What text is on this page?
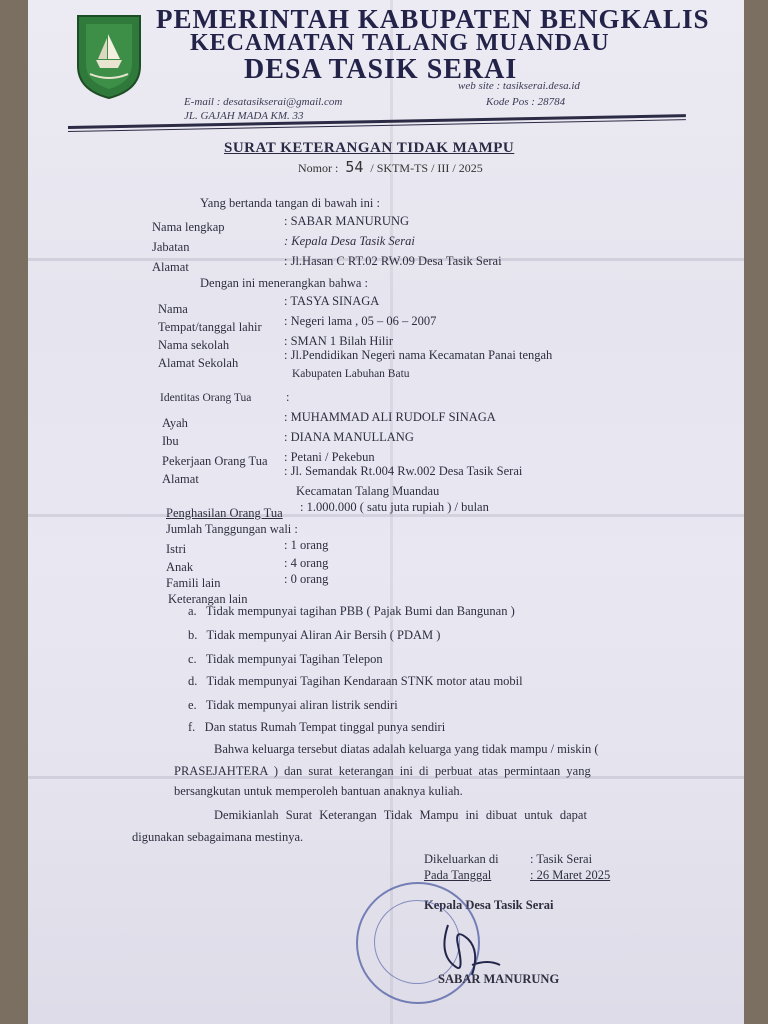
PEMERINTAH KABUPATEN BENGKALIS
KECAMATAN TALANG MUANDAU
DESA TASIK SERAI
E-mail : desatasikserai@gmail.com
web site : tasikserai.desa.id
JL. GAJAH MADA KM. 33
Kode Pos : 28784
SURAT KETERANGAN TIDAK MAMPU
Nomor : 54 / SKTM-TS / III / 2025
Yang bertanda tangan di bawah ini :
Nama lengkap	: SABAR MANURUNG
Jabatan	: Kepala Desa Tasik Serai
Alamat	: Jl.Hasan C RT.02 RW.09 Desa Tasik Serai
Dengan ini menerangkan bahwa :
Nama
: TASYA SINAGA
Tempat/tanggal lahir : Negeri lama , 05 – 06 – 2007
Nama sekolah	: SMAN 1 Bilah Hilir
Alamat Sekolah
: Jl.Pendidikan Negeri nama Kecamatan Panai tengah
Kabupaten Labuhan Batu
Identitas Orang Tua	:
Ayah	: MUHAMMAD ALI RUDOLF SINAGA
Ibu	: DIANA MANULLANG
Pekerjaan Orang Tua : Petani / Pekebun
Alamat
: Jl. Semandak Rt.004 Rw.002 Desa Tasik Serai
Kecamatan Talang Muandau
Penghasilan Orang Tua : 1.000.000 ( satu juta rupiah ) / bulan
Jumlah Tanggungan wali :
Istri	: 1 orang
Anak	: 4 orang
Famili lain	: 0 orang
Keterangan lain
a. Tidak mempunyai tagihan PBB ( Pajak Bumi dan Bangunan )
b. Tidak mempunyai Aliran Air Bersih ( PDAM )
c. Tidak mempunyai Tagihan Telepon
d. Tidak mempunyai Tagihan Kendaraan STNK motor atau mobil
e. Tidak mempunyai aliran listrik sendiri
f. Dan status Rumah Tempat tinggal punya sendiri
Bahwa keluarga tersebut diatas adalah keluarga yang tidak mampu / miskin (
PRASEJAHTERA ) dan surat keterangan ini di perbuat atas permintaan yang
bersangkutan untuk memperoleh bantuan anaknya kuliah.
Demikianlah Surat Keterangan Tidak Mampu ini dibuat untuk dapat
digunakan sebagaimana mestinya.
Dikeluarkan di	: Tasik Serai
Pada Tanggal	: 26 Maret 2025
Kepala Desa Tasik Serai
SABAR MANURUNG
